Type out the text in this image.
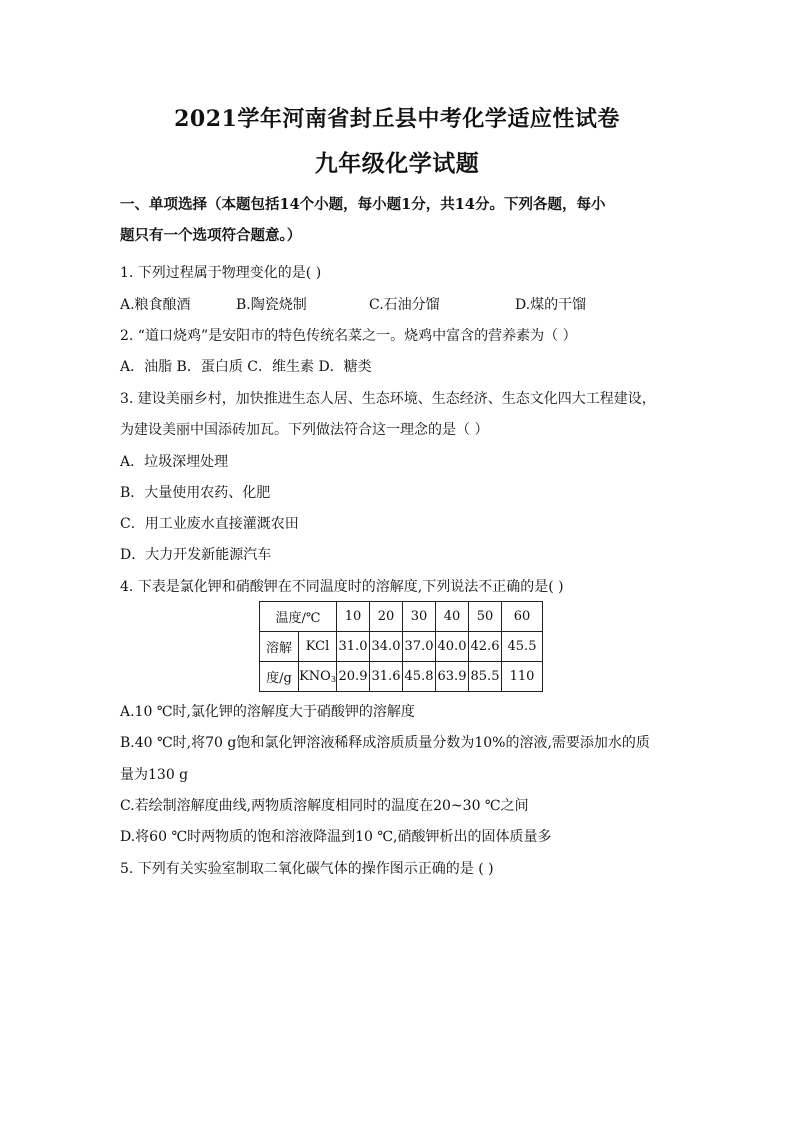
2021学年河南省封丘县中考化学适应性试卷
九年级化学试题
一、单项选择（本题包括14个小题，每小题1分，共14分。下列各题，每小
题只有一个选项符合题意。）
1. 下列过程属于物理变化的是( )
A.粮食酿酒	B.陶瓷烧制	C.石油分馏	D.煤的干馏
2. “道口烧鸡”是安阳市的特色传统名菜之一。烧鸡中富含的营养素为（ ）
A．油脂 B．蛋白质 C．维生素 D．糖类
3. 建设美丽乡村，加快推进生态人居、生态环境、生态经济、生态文化四大工程建设，
为建设美丽中国添砖加瓦。下列做法符合这一理念的是（ ）
A．垃圾深埋处理
B．大量使用农药、化肥
C．用工业废水直接灌溉农田
D．大力开发新能源汽车
4. 下表是氯化钾和硝酸钾在不同温度时的溶解度,下列说法不正确的是( )
温度/℃		10	20	30	40	50	60
溶解	KCl	31.0	34.0	37.0	40.0	42.6	45.5
度/g	$KNO_3$	20.9	31.6	45.8	63.9	85.5	110
A.10 ℃时,氯化钾的溶解度大于硝酸钾的溶解度
B.40 ℃时,将70 g饱和氯化钾溶液稀释成溶质质量分数为10%的溶液,需要添加水的质
量为130 g
C.若绘制溶解度曲线,两物质溶解度相同时的温度在20~30 ℃之间
D.将60 ℃时两物质的饱和溶液降温到10 ℃,硝酸钾析出的固体质量多
5. 下列有关实验室制取二氧化碳气体的操作图示正确的是 ( )
